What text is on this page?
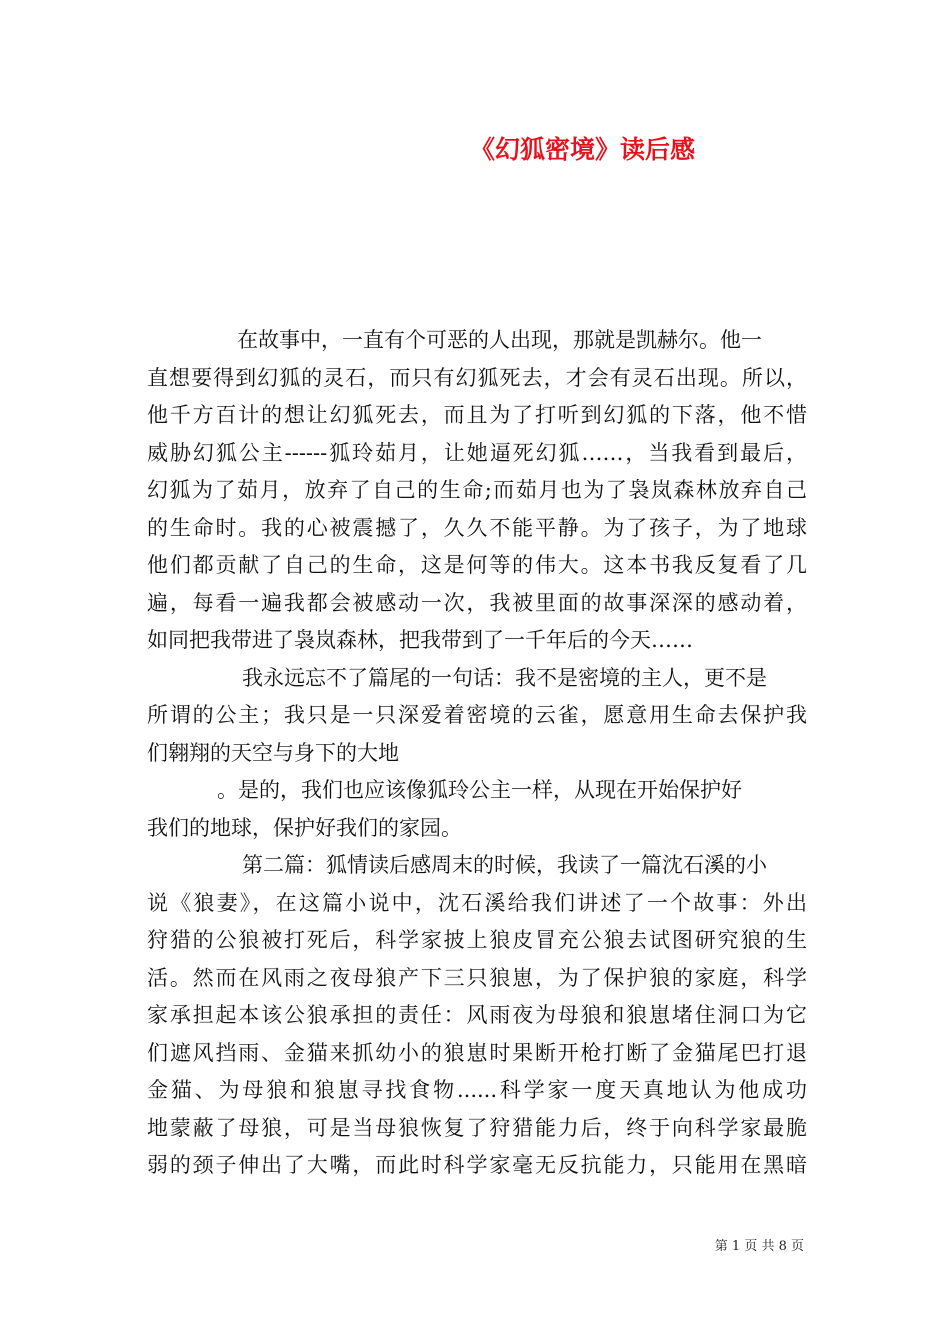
《幻狐密境》读后感
在故事中，一直有个可恶的人出现，那就是凯赫尔。他一
直想要得到幻狐的灵石，而只有幻狐死去，才会有灵石出现。所以，
他千方百计的想让幻狐死去，而且为了打听到幻狐的下落，他不惜
威胁幻狐公主------狐玲茹月，让她逼死幻狐……，当我看到最后，
幻狐为了茹月，放弃了自己的生命;而茹月也为了袅岚森林放弃自己
的生命时。我的心被震撼了，久久不能平静。为了孩子，为了地球
他们都贡献了自己的生命，这是何等的伟大。这本书我反复看了几
遍，每看一遍我都会被感动一次，我被里面的故事深深的感动着，
如同把我带进了袅岚森林，把我带到了一千年后的今天……
我永远忘不了篇尾的一句话：我不是密境的主人，更不是
所谓的公主；我只是一只深爱着密境的云雀，愿意用生命去保护我
们翱翔的天空与身下的大地
。是的，我们也应该像狐玲公主一样，从现在开始保护好
我们的地球，保护好我们的家园。
第二篇：狐情读后感周末的时候，我读了一篇沈石溪的小
说《狼妻》，在这篇小说中，沈石溪给我们讲述了一个故事：外出
狩猎的公狼被打死后，科学家披上狼皮冒充公狼去试图研究狼的生
活。然而在风雨之夜母狼产下三只狼崽，为了保护狼的家庭，科学
家承担起本该公狼承担的责任：风雨夜为母狼和狼崽堵住洞口为它
们遮风挡雨、金猫来抓幼小的狼崽时果断开枪打断了金猫尾巴打退
金猫、为母狼和狼崽寻找食物......科学家一度天真地认为他成功
地蒙蔽了母狼，可是当母狼恢复了狩猎能力后，终于向科学家最脆
弱的颈子伸出了大嘴，而此时科学家毫无反抗能力，只能用在黑暗
第 1 页 共 8 页
